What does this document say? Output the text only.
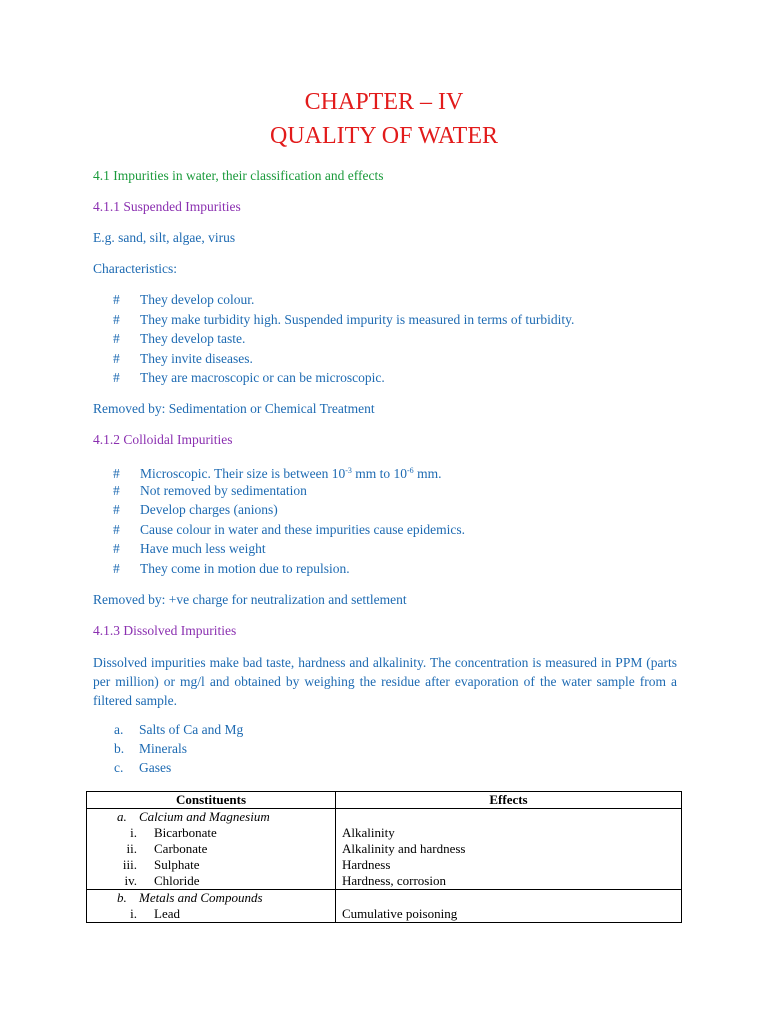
CHAPTER – IV
QUALITY OF WATER
4.1 Impurities in water, their classification and effects
4.1.1 Suspended Impurities
E.g. sand, silt, algae, virus
Characteristics:
# They develop colour.
# They make turbidity high. Suspended impurity is measured in terms of turbidity.
# They develop taste.
# They invite diseases.
# They are macroscopic or can be microscopic.
Removed by: Sedimentation or Chemical Treatment
4.1.2 Colloidal Impurities
# Microscopic. Their size is between $10^{-3}$ mm to $10^{-6}$ mm.
# Not removed by sedimentation
# Develop charges (anions)
# Cause colour in water and these impurities cause epidemics.
# Have much less weight
# They come in motion due to repulsion.
Removed by: +ve charge for neutralization and settlement
4.1.3 Dissolved Impurities
Dissolved impurities make bad taste, hardness and alkalinity. The concentration is measured in PPM (parts per million) or mg/l and obtained by weighing the residue after evaporation of the water sample from a filtered sample.
a. Salts of Ca and Mg
b. Minerals
c. Gases
Constituents	Effects
a. Calcium and Magnesium	
i. Bicarbonate	Alkalinity
ii. Carbonate	Alkalinity and hardness
iii. Sulphate	Hardness
iv. Chloride	Hardness, corrosion
b. Metals and Compounds	
i. Lead	Cumulative poisoning
